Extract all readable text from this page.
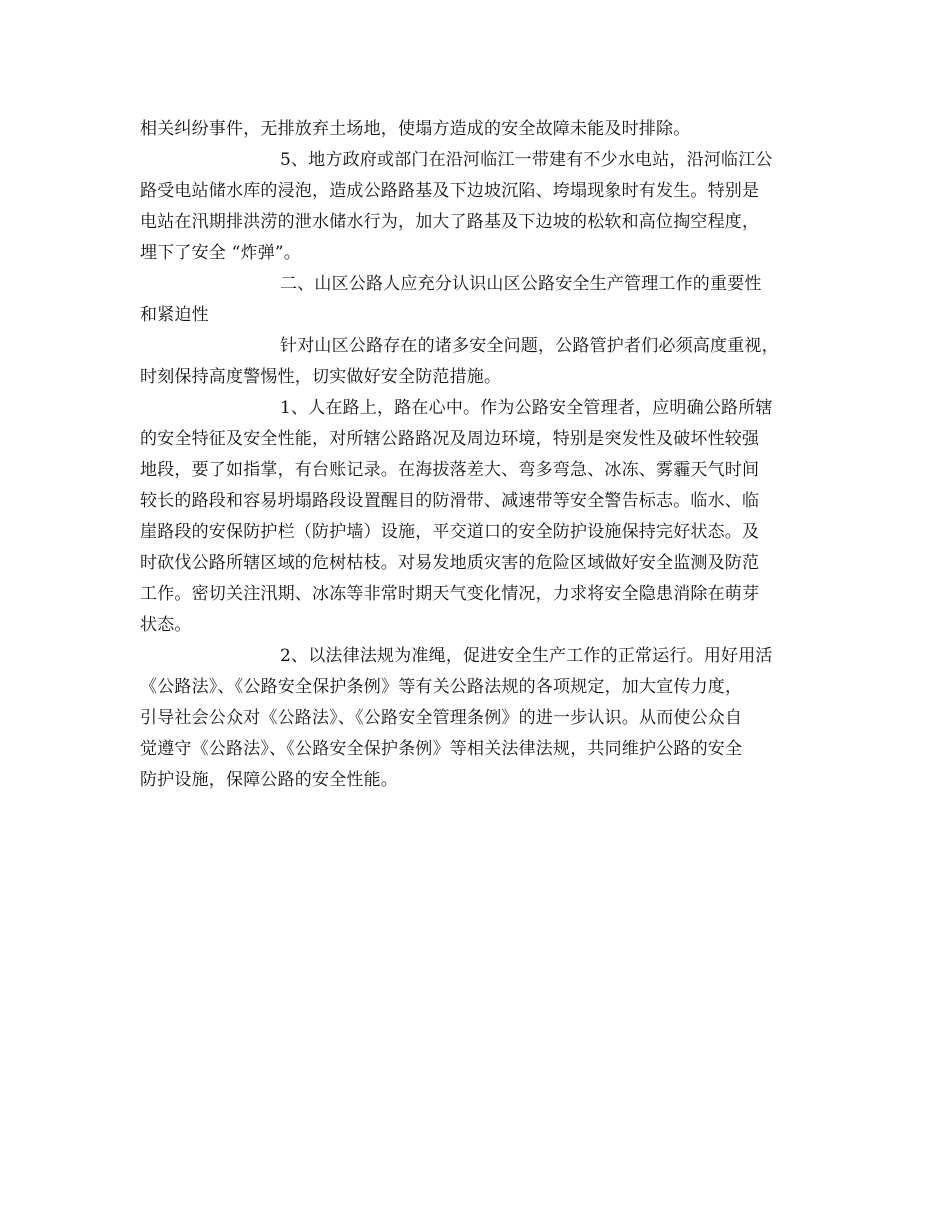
相关纠纷事件，无排放弃土场地，使塌方造成的安全故障未能及时排除。

5、地方政府或部门在沿河临江一带建有不少水电站，沿河临江公
路受电站储水库的浸泡，造成公路路基及下边坡沉陷、垮塌现象时有发生。特别是
电站在汛期排洪涝的泄水储水行为，加大了路基及下边坡的松软和高位掏空程度，
埋下了安全 “炸弹”。

二、山区公路人应充分认识山区公路安全生产管理工作的重要性
和紧迫性

针对山区公路存在的诸多安全问题，公路管护者们必须高度重视，
时刻保持高度警惕性，切实做好安全防范措施。

1、人在路上，路在心中。作为公路安全管理者，应明确公路所辖
的安全特征及安全性能，对所辖公路路况及周边环境，特别是突发性及破坏性较强
地段，要了如指掌，有台账记录。在海拔落差大、弯多弯急、冰冻、雾霾天气时间
较长的路段和容易坍塌路段设置醒目的防滑带、减速带等安全警告标志。临水、临
崖路段的安保防护栏（防护墙）设施，平交道口的安全防护设施保持完好状态。及
时砍伐公路所辖区域的危树枯枝。对易发地质灾害的危险区域做好安全监测及防范
工作。密切关注汛期、冰冻等非常时期天气变化情况，力求将安全隐患消除在萌芽
状态。

2、以法律法规为准绳，促进安全生产工作的正常运行。用好用活
《公路法》、《公路安全保护条例》等有关公路法规的各项规定，加大宣传力度，
引导社会公众对《公路法》、《公路安全管理条例》的进一步认识。从而使公众自
觉遵守《公路法》、《公路安全保护条例》等相关法律法规，共同维护公路的安全
防护设施，保障公路的安全性能。
